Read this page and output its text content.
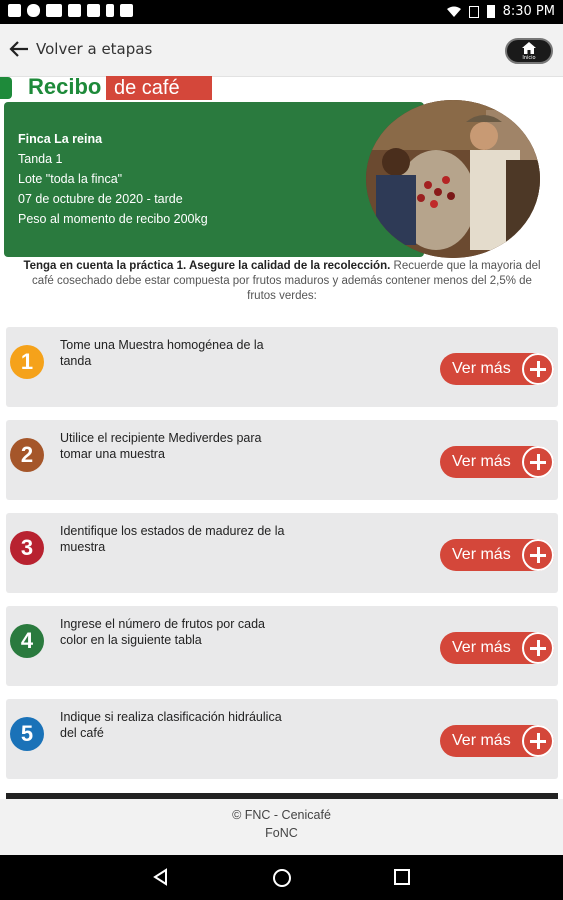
8:30 PM
Volver a etapas	Inicio
Recibo de café
Finca La reina
Tanda 1
Lote "toda la finca"
07 de octubre de 2020 - tarde
Peso al momento de recibo 200kg
Tenga en cuenta la práctica 1. Asegure la calidad de la recolección. Recuerde que la mayoria del café cosechado debe estar compuesta por frutos maduros y además contener menos del 2,5% de frutos verdes:
1
Tome una Muestra homogénea de la tanda	Ver más
2
Utilice el recipiente Mediverdes para tomar una muestra	Ver más
3
Identifique los estados de madurez de la muestra	Ver más
4
Ingrese el número de frutos por cada color en la siguiente tabla	Ver más
5
Indique si realiza clasificación hidráulica del café	Ver más
© FNC - Cenicafé
FoNC
